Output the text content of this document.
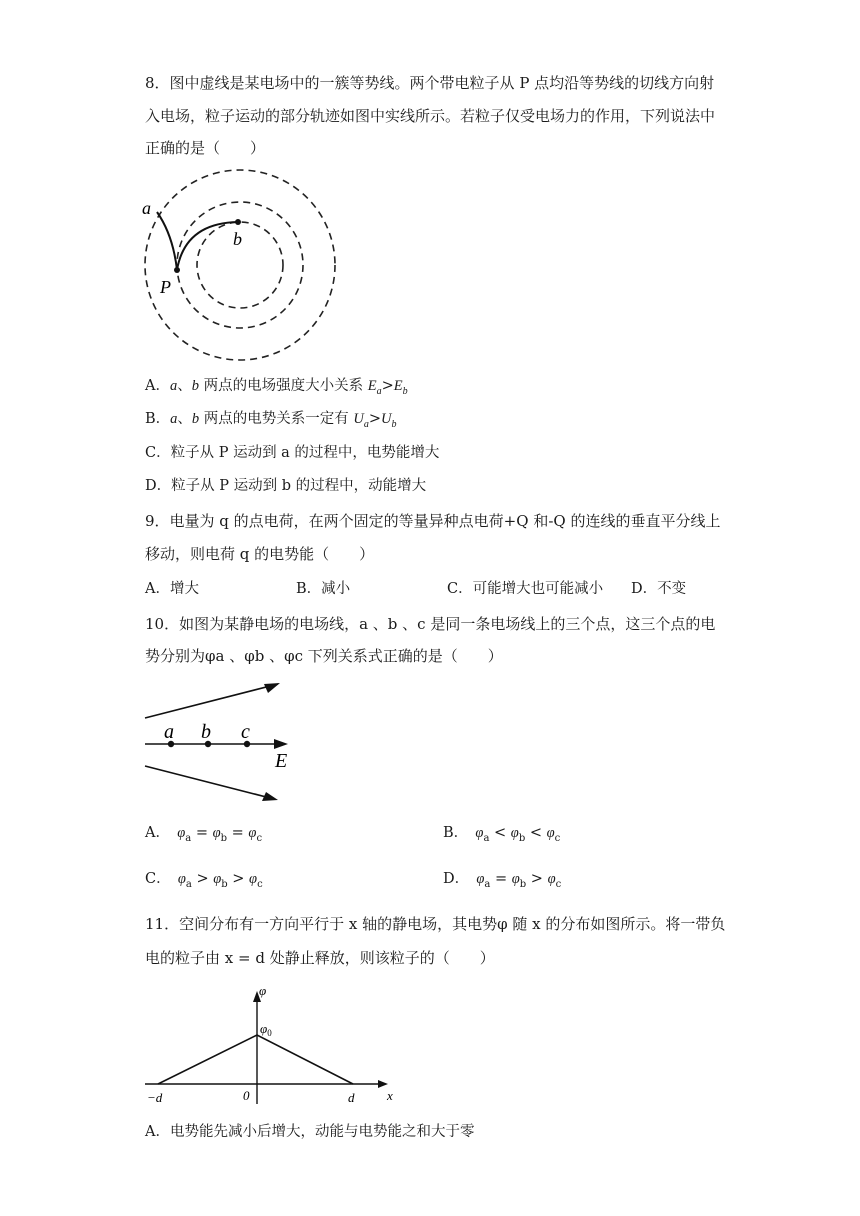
8．图中虚线是某电场中的一簇等势线。两个带电粒子从 P 点均沿等势线的切线方向射
入电场，粒子运动的部分轨迹如图中实线所示。若粒子仅受电场力的作用，下列说法中
正确的是（　　）
a
b
P
A．a、b 两点的电场强度大小关系 $E_a>E_b$
B．a、b 两点的电势关系一定有 $U_a>U_b$
C．粒子从 P 运动到 a 的过程中，电势能增大
D．粒子从 P 运动到 b 的过程中，动能增大
9．电量为 q 的点电荷，在两个固定的等量异种点电荷+Q 和-Q 的连线的垂直平分线上
移动，则电荷 q 的电势能（　　）
A．增大	B．减小	C．可能增大也可能减小 D．不变
10．如图为某静电场的电场线，a 、b 、c 是同一条电场线上的三个点，这三个点的电
势分别为φa 、φb 、φc 下列关系式正确的是（　　）
a b c
E
A．　$\varphi_a = \varphi_b = \varphi_c$	B．　$\varphi_a < \varphi_b < \varphi_c$
C．　$\varphi_a > \varphi_b > \varphi_c$	D．　$\varphi_a = \varphi_b > \varphi_c$
11．空间分布有一方向平行于 x 轴的静电场，其电势φ 随 x 的分布如图所示。将一带负
电的粒子由 x = d 处静止释放，则该粒子的（　　）
φ
$\varphi_0$
−d	0	d	x
A．电势能先减小后增大，动能与电势能之和大于零
